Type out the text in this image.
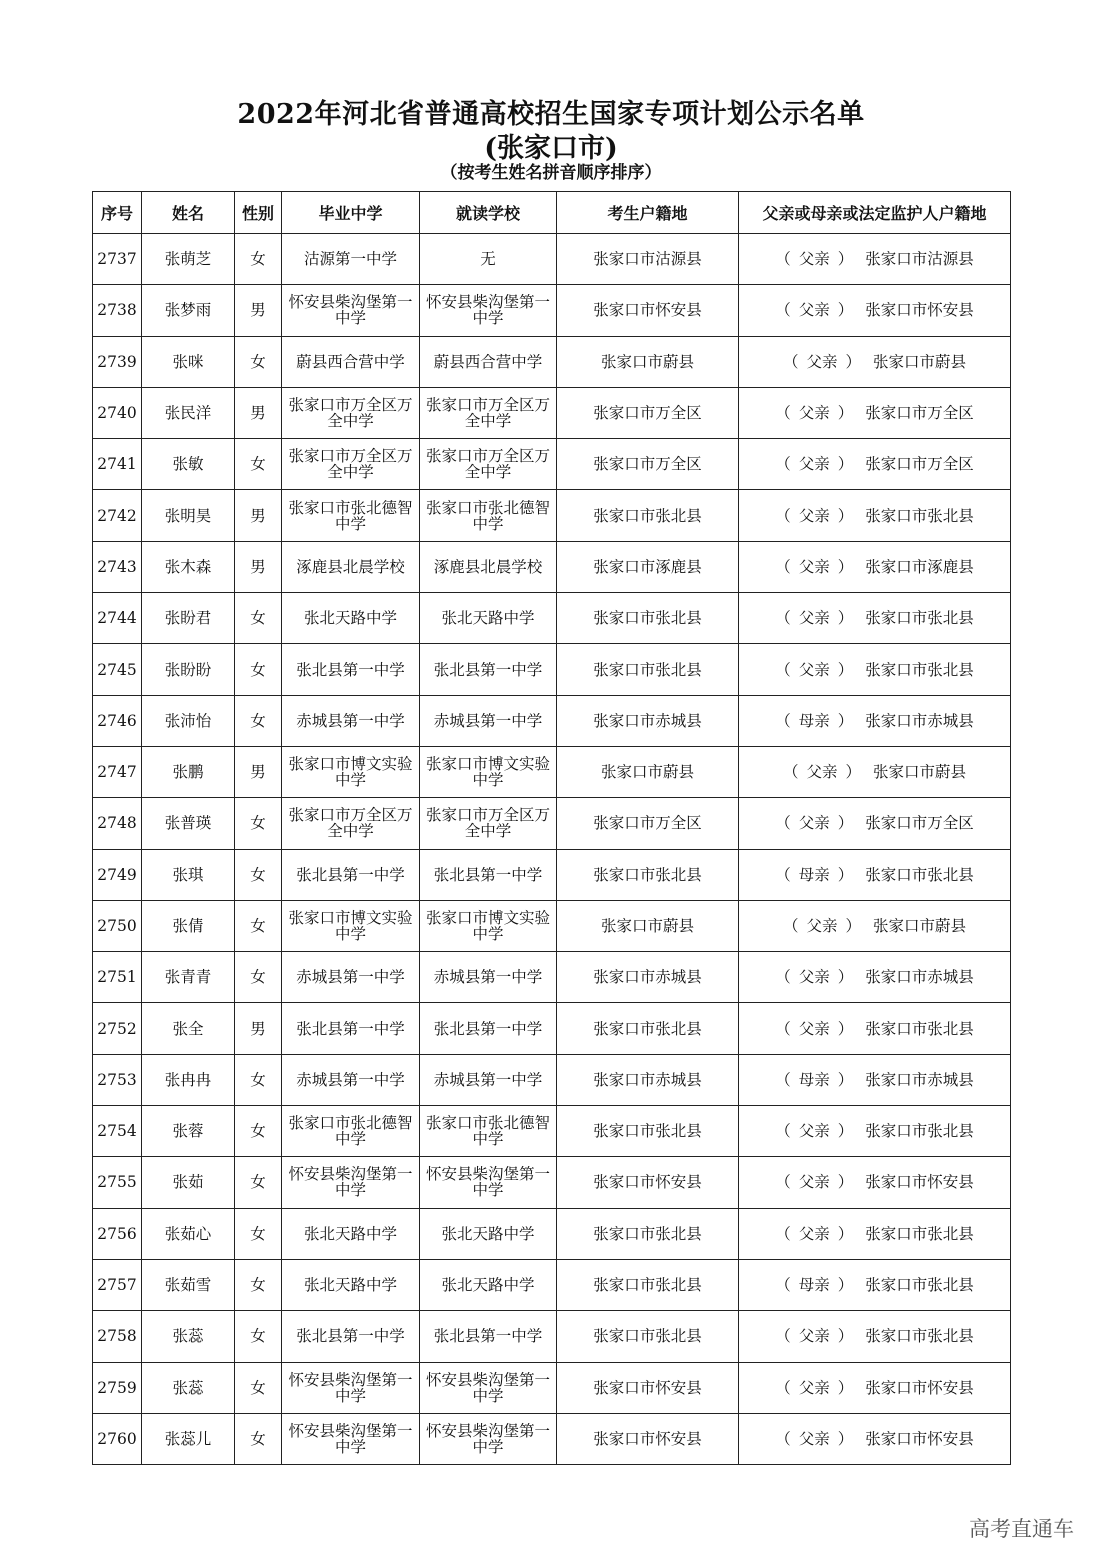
2022年河北省普通高校招生国家专项计划公示名单
(张家口市)
（按考生姓名拼音顺序排序）
序号	姓名	性别	毕业中学	就读学校	考生户籍地	父亲或母亲或法定监护人户籍地
2737	张萌芝	女	沽源第一中学	无	张家口市沽源县	（ 父亲 ） 张家口市沽源县
2738	张梦雨	男	怀安县柴沟堡第一中学	怀安县柴沟堡第一中学	张家口市怀安县	（ 父亲 ） 张家口市怀安县
2739	张咪	女	蔚县西合营中学	蔚县西合营中学	张家口市蔚县	（ 父亲 ） 张家口市蔚县
2740	张民洋	男	张家口市万全区万全中学	张家口市万全区万全中学	张家口市万全区	（ 父亲 ） 张家口市万全区
2741	张敏	女	张家口市万全区万全中学	张家口市万全区万全中学	张家口市万全区	（ 父亲 ） 张家口市万全区
2742	张明昊	男	张家口市张北德智中学	张家口市张北德智中学	张家口市张北县	（ 父亲 ） 张家口市张北县
2743	张木森	男	涿鹿县北晨学校	涿鹿县北晨学校	张家口市涿鹿县	（ 父亲 ） 张家口市涿鹿县
2744	张盼君	女	张北天路中学	张北天路中学	张家口市张北县	（ 父亲 ） 张家口市张北县
2745	张盼盼	女	张北县第一中学	张北县第一中学	张家口市张北县	（ 父亲 ） 张家口市张北县
2746	张沛怡	女	赤城县第一中学	赤城县第一中学	张家口市赤城县	（ 母亲 ） 张家口市赤城县
2747	张鹏	男	张家口市博文实验中学	张家口市博文实验中学	张家口市蔚县	（ 父亲 ） 张家口市蔚县
2748	张普瑛	女	张家口市万全区万全中学	张家口市万全区万全中学	张家口市万全区	（ 父亲 ） 张家口市万全区
2749	张琪	女	张北县第一中学	张北县第一中学	张家口市张北县	（ 母亲 ） 张家口市张北县
2750	张倩	女	张家口市博文实验中学	张家口市博文实验中学	张家口市蔚县	（ 父亲 ） 张家口市蔚县
2751	张青青	女	赤城县第一中学	赤城县第一中学	张家口市赤城县	（ 父亲 ） 张家口市赤城县
2752	张全	男	张北县第一中学	张北县第一中学	张家口市张北县	（ 父亲 ） 张家口市张北县
2753	张冉冉	女	赤城县第一中学	赤城县第一中学	张家口市赤城县	（ 母亲 ） 张家口市赤城县
2754	张蓉	女	张家口市张北德智中学	张家口市张北德智中学	张家口市张北县	（ 父亲 ） 张家口市张北县
2755	张茹	女	怀安县柴沟堡第一中学	怀安县柴沟堡第一中学	张家口市怀安县	（ 父亲 ） 张家口市怀安县
2756	张茹心	女	张北天路中学	张北天路中学	张家口市张北县	（ 父亲 ） 张家口市张北县
2757	张茹雪	女	张北天路中学	张北天路中学	张家口市张北县	（ 母亲 ） 张家口市张北县
2758	张蕊	女	张北县第一中学	张北县第一中学	张家口市张北县	（ 父亲 ） 张家口市张北县
2759	张蕊	女	怀安县柴沟堡第一中学	怀安县柴沟堡第一中学	张家口市怀安县	（ 父亲 ） 张家口市怀安县
2760	张蕊儿	女	怀安县柴沟堡第一中学	怀安县柴沟堡第一中学	张家口市怀安县	（ 父亲 ） 张家口市怀安县
高考直通车
